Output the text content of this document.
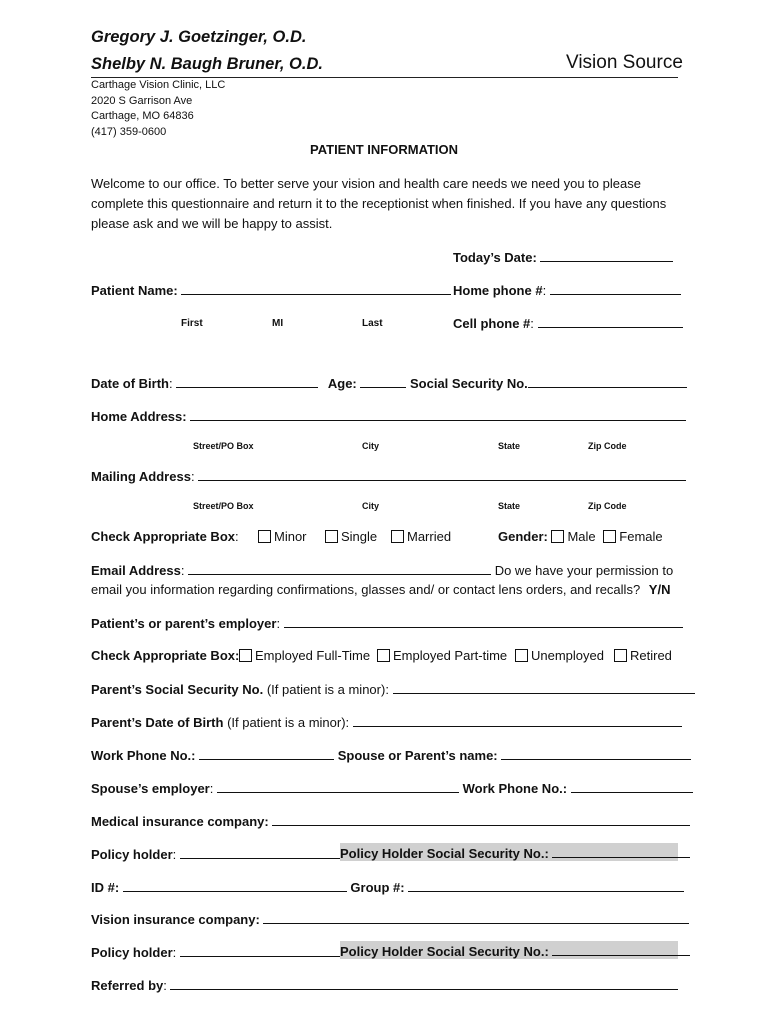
Gregory J. Goetzinger, O.D.
Shelby N. Baugh Bruner, O.D.	Vision Source
Carthage Vision Clinic, LLC
2020 S Garrison Ave
Carthage, MO 64836
(417) 359-0600
PATIENT INFORMATION
Welcome to our office. To better serve your vision and health care needs we need you to please complete this questionnaire and return it to the receptionist when finished. If you have any questions please ask and we will be happy to assist.
Today’s Date:
Patient Name:	Home phone #:
First	MI	Last	Cell phone #:
Date of Birth:	Age:	Social Security No.
Home Address:
Street/PO Box	City	State	Zip Code
Mailing Address:
Street/PO Box	City	State	Zip Code
Check Appropriate Box:	Minor	Single	Married	Gender: Male Female
Email Address:	Do we have your permission to
email you information regarding confirmations, glasses and/ or contact lens orders, and recalls? Y/N
Patient’s or parent’s employer:
Check Appropriate Box:	Employed Full-Time	Employed Part-time	Unemployed	Retired
Parent’s Social Security No. (If patient is a minor):
Parent’s Date of Birth (If patient is a minor):
Work Phone No.:	Spouse or Parent’s name:
Spouse’s employer:	Work Phone No.:
Medical insurance company:
Policy holder:	Policy Holder Social Security No.:
ID #:	Group #:
Vision insurance company:
Policy holder:	Policy Holder Social Security No.:
Referred by:
